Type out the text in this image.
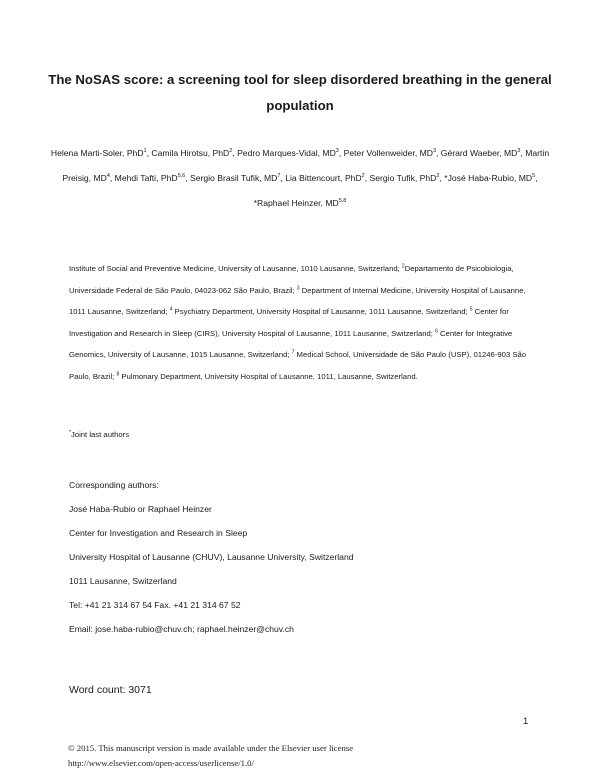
The NoSAS score: a screening tool for sleep disordered breathing in the general
population
Helena Marti-Soler, PhD$^1$, Camila Hirotsu, PhD$^2$, Pedro Marques-Vidal, $MD^3$, Peter Vollenweider, $MD^3$, Gérard Waeber, $MD^3$, Martin Preisig, $MD^4$, Mehdi Tafti, PhD$^{5,6}$, Sergio Brasil Tufik, $MD^7$, Lia Bittencourt, PhD$^2$, Sergio Tufik, PhD$^2$, *José Haba-Rubio, $MD^5$, *Raphael Heinzer, MD$^{5,8}$
Institute of Social and Preventive Medicine, University of Lausanne, 1010 Lausanne, Switzerland; $^2$Departamento de Psicobiologia, Universidade Federal de São Paulo, 04023-062 São Paulo, Brazil; $^3$ Department of Internal Medicine, University Hospital of Lausanne, 1011 Lausanne, Switzerland; $^4$ Psychiatry Department, University Hospital of Lausanne, 1011 Lausanne, Switzerland; $^5$ Center for Investigation and Research in Sleep (CIRS), University Hospital of Lausanne, 1011 Lausanne, Switzerland; $^6$ Center for Integrative Genomics, University of Lausanne, 1015 Lausanne, Switzerland; $^7$ Medical School, Universidade de São Paulo (USP), 01246-903 São Paulo, Brazil; $^8$ Pulmonary Department, University Hospital of Lausanne, 1011, Lausanne, Switzerland.
*Joint last authors
Corresponding authors:
José Haba-Rubio or Raphael Heinzer
Center for Investigation and Research in Sleep
University Hospital of Lausanne (CHUV), Lausanne University, Switzerland
1011 Lausanne, Switzerland
Tel: +41 21 314 67 54 Fax. +41 21 314 67 52
Email: jose.haba-rubio@chuv.ch; raphael.heinzer@chuv.ch
Word count: 3071
1
© 2015. This manuscript version is made available under the Elsevier user license
http://www.elsevier.com/open-access/userlicense/1.0/
